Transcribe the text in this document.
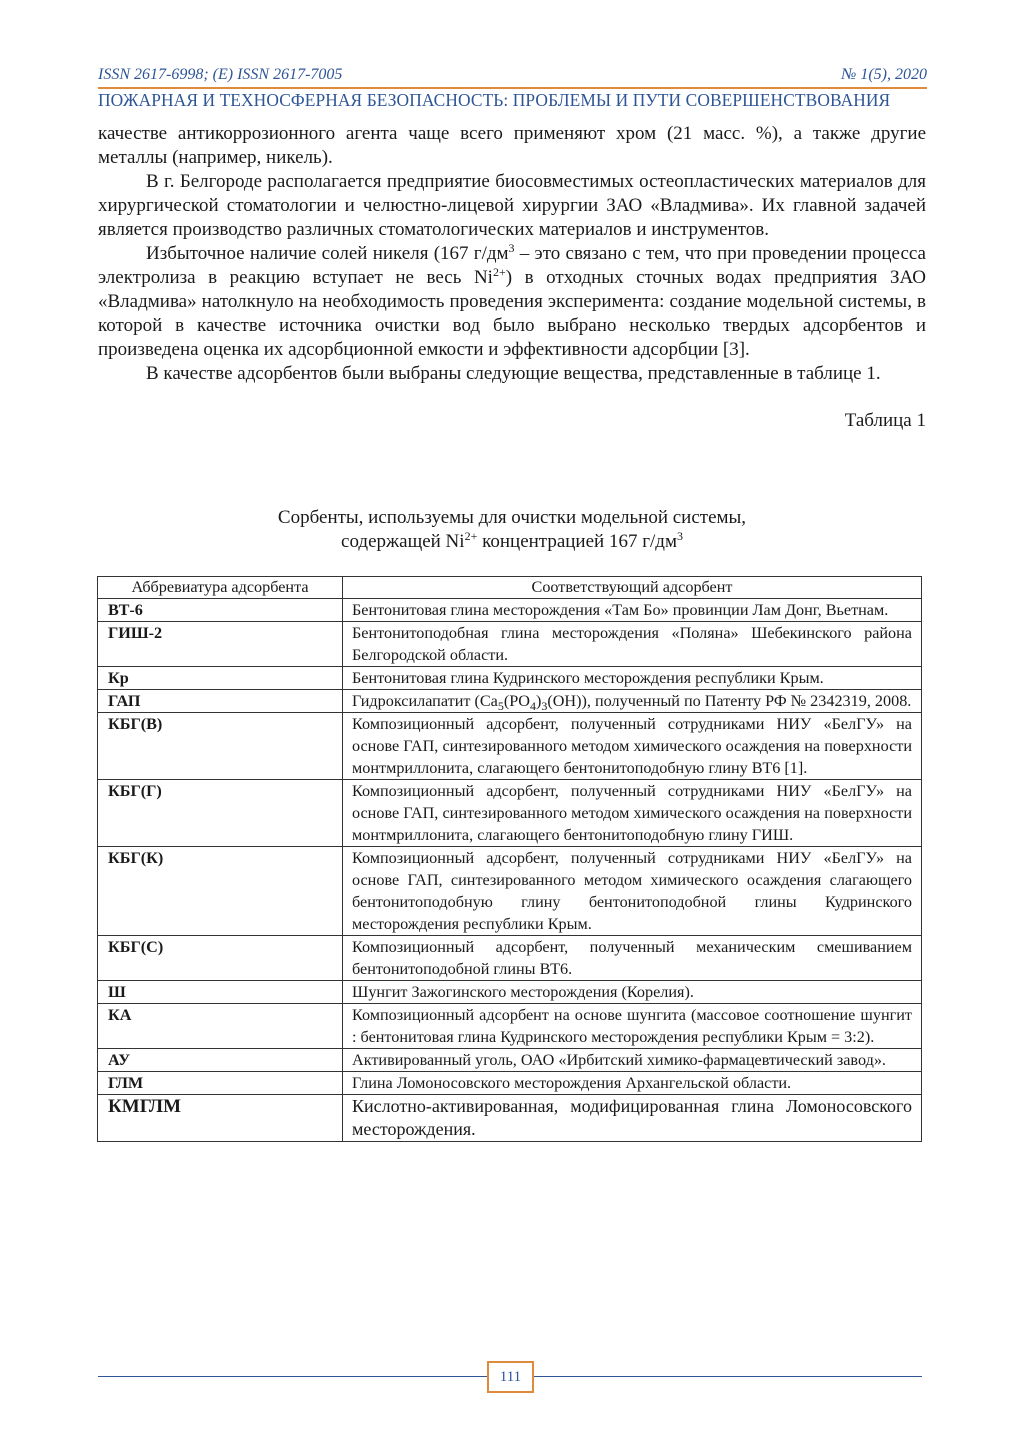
ISSN 2617-6998; (E) ISSN 2617-7005	№ 1(5), 2020
ПОЖАРНАЯ И ТЕХНОСФЕРНАЯ БЕЗОПАСНОСТЬ: ПРОБЛЕМЫ И ПУТИ СОВЕРШЕНСТВОВАНИЯ

качестве антикоррозионного агента чаще всего применяют хром (21 масс. %), а также другие металлы (например, никель).

В г. Белгороде располагается предприятие биосовместимых остеопластических материалов для хирургической стоматологии и челюстно-лицевой хирургии ЗАО «Владмива». Их главной задачей является производство различных стоматологических материалов и инструментов.

Избыточное наличие солей никеля (167 $г/дм^3$ – это связано с тем, что при проведении процесса электролиза в реакцию вступает не весь $Ni^{2+}$) в отходных сточных водах предприятия ЗАО «Владмива» натолкнуло на необходимость проведения эксперимента: создание модельной системы, в которой в качестве источника очистки вод было выбрано несколько твердых адсорбентов и произведена оценка их адсорбционной емкости и эффективности адсорбции [3].

В качестве адсорбентов были выбраны следующие вещества, представленные в таблице 1.

Таблица 1

Сорбенты, используемы для очистки модельной системы,
содержащей $Ni^{2+}$ концентрацией 167 $г/дм^3$
Аббревиатура адсорбента	Соответствующий адсорбент
ВТ-6	Бентонитовая глина месторождения «Там Бо» провинции Лам Донг, Вьетнам.
ГИШ-2	Бентонитоподобная глина месторождения «Поляна» Шебекинского района Белгородской области.
Кр	Бентонитовая глина Кудринского месторождения республики Крым.
ГАП	Гидроксилапатит $(Ca_5(PO_4)_3(OH))$, полученный по Патенту РФ № 2342319, 2008.
КБГ(В)	Композиционный адсорбент, полученный сотрудниками НИУ «БелГУ» на основе ГАП, синтезированного методом химического осаждения на поверхности монтмриллонита, слагающего бентонитоподобную глину ВТ6 [1].
КБГ(Г)	Композиционный адсорбент, полученный сотрудниками НИУ «БелГУ» на основе ГАП, синтезированного методом химического осаждения на поверхности монтмриллонита, слагающего бентонитоподобную глину ГИШ.
КБГ(К)	Композиционный адсорбент, полученный сотрудниками НИУ «БелГУ» на основе ГАП, синтезированного методом химического осаждения слагающего бентонитоподобную глину бентонитоподобной глины Кудринского месторождения республики Крым.
КБГ(С)	Композиционный адсорбент, полученный механическим смешиванием бентонитоподобной глины ВТ6.
Ш	Шунгит Зажогинского месторождения (Корелия).
КА	Композиционный адсорбент на основе шунгита (массовое соотношение шунгит : бентонитовая глина Кудринского месторождения республики Крым = 3:2).
АУ	Активированный уголь, ОАО «Ирбитский химико-фармацевтический завод».
ГЛМ	Глина Ломоносовского месторождения Архангельской области.
КМГЛМ	Кислотно-активированная, модифицированная глина Ломоносовского месторождения.
111
